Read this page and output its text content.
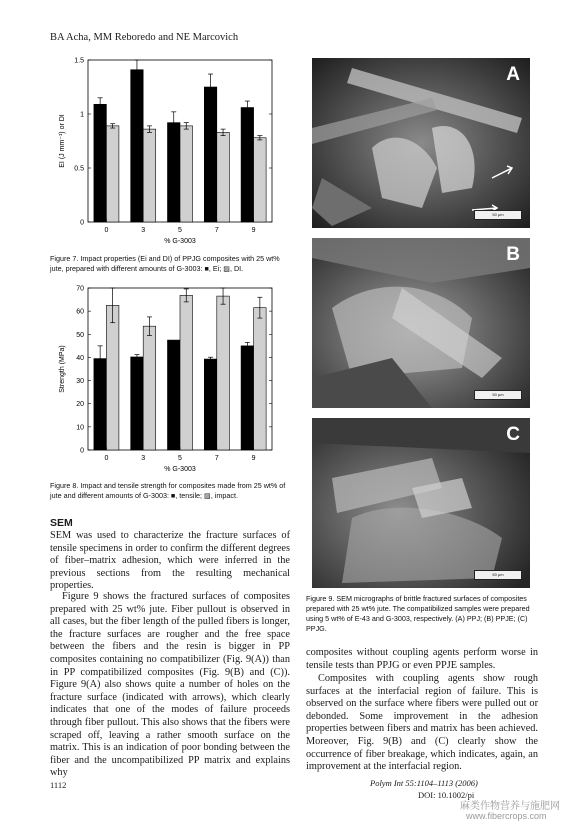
BA Acha, MM Reboredo and NE Marcovich
0
0.5
1
1.5
0	3	5	7	9
% G-3003
EI (J mm⁻¹) or DI
Figure 7. Impact properties (Ei and DI) of PPJG composites with 25 wt% jute, prepared with different amounts of G-3003: ■, Ei; ▨, DI.
0
10
20
30
40
50
60
70
0	3	5	7	9
% G-3003
Strength (MPa)
Figure 8. Impact and tensile strength for composites made from 25 wt% of jute and different amounts of G-3003: ■, tensile; ▨, impact.
SEM
SEM was used to characterize the fracture surfaces of tensile specimens in order to confirm the different degrees of fiber–matrix adhesion, which were inferred in the previous sections from the resulting mechanical properties.
Figure 9 shows the fractured surfaces of composites prepared with 25 wt% jute. Fiber pullout is observed in all cases, but the fiber length of the pulled fibers is longer, the fracture surfaces are rougher and the free space between the fibers and the resin is bigger in PP composites containing no compatibilizer (Fig. 9(A)) than in PP compatibilized composites (Fig. 9(B) and (C)). Figure 9(A) also shows quite a number of holes on the fracture surface (indicated with arrows), which clearly indicates that one of the modes of failure proceeds through fiber pullout. This also shows that the fibers were scraped off, leaving a rather smooth surface on the matrix. This is an indication of poor bonding between the fiber and the uncompatibilized PP matrix and explains why
A
50 μm
B
50 μm
C
50 μm
Figure 9. SEM micrographs of brittle fractured surfaces of composites prepared with 25 wt% jute. The compatibilized samples were prepared using 5 wt% of E-43 and G-3003, respectively. (A) PPJ; (B) PPJE; (C) PPJG.
composites without coupling agents perform worse in tensile tests than PPJG or even PPJE samples.
Composites with coupling agents show rough surfaces at the interfacial region of failure. This is observed on the surface where fibers were pulled out or debonded. Some improvement in the adhesion properties between fibers and matrix has been achieved. Moreover, Fig. 9(B) and (C) clearly show the occurrence of fiber breakage, which indicates, again, an improvement at the interfacial region.
1112	Polym Int 55:1104–1113 (2006)
DOI: 10.1002/pi
麻类作物营养与施肥网
www.fibercrops.com
